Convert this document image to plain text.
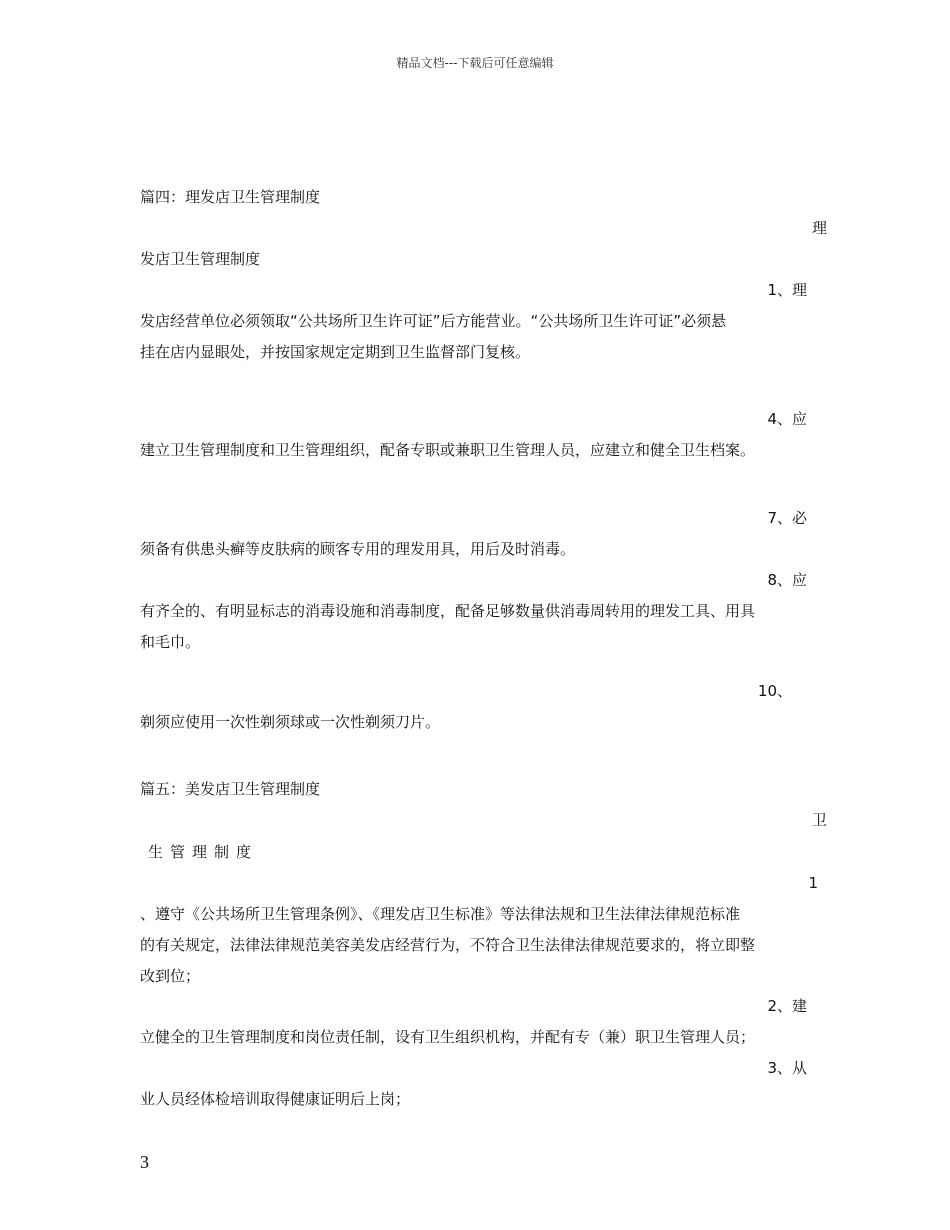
精品文档---下载后可任意编辑
篇四：理发店卫生管理制度
理
发店卫生管理制度
1、理
发店经营单位必须领取“公共场所卫生许可证”后方能营业。“公共场所卫生许可证”必须悬
挂在店内显眼处，并按国家规定定期到卫生监督部门复核。
4、应
建立卫生管理制度和卫生管理组织，配备专职或兼职卫生管理人员，应建立和健全卫生档案。
7、必
须备有供患头癣等皮肤病的顾客专用的理发用具，用后及时消毒。
8、应
有齐全的、有明显标志的消毒设施和消毒制度，配备足够数量供消毒周转用的理发工具、用具
和毛巾。
10、
剃须应使用一次性剃须球或一次性剃须刀片。
篇五：美发店卫生管理制度
卫
生管理制度
1
、遵守《公共场所卫生管理条例》、《理发店卫生标准》等法律法规和卫生法律法律规范标准
的有关规定，法律法律规范美容美发店经营行为，不符合卫生法律法律规范要求的，将立即整
改到位；
2、建
立健全的卫生管理制度和岗位责任制，设有卫生组织机构，并配有专（兼）职卫生管理人员；
3、从
业人员经体检培训取得健康证明后上岗；
3
